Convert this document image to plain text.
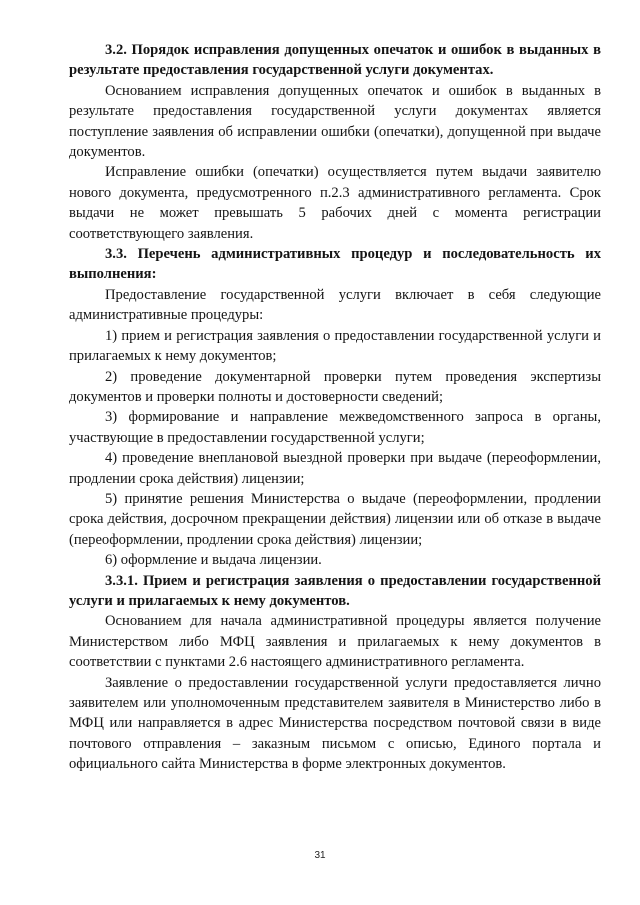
3.2. Порядок исправления допущенных опечаток и ошибок в выданных в результате предоставления государственной услуги документах.

Основанием исправления допущенных опечаток и ошибок в выданных в результате предоставления государственной услуги документах является поступление заявления об исправлении ошибки (опечатки), допущенной при выдаче документов.

Исправление ошибки (опечатки) осуществляется путем выдачи заявителю нового документа, предусмотренного п.2.3 административного регламента. Срок выдачи не может превышать 5 рабочих дней с момента регистрации соответствующего заявления.

3.3. Перечень административных процедур и последовательность их выполнения:

Предоставление государственной услуги включает в себя следующие административные процедуры:

1) прием и регистрация заявления о предоставлении государственной услуги и прилагаемых к нему документов;

2) проведение документарной проверки путем проведения экспертизы документов и проверки полноты и достоверности сведений;

3) формирование и направление межведомственного запроса в органы, участвующие в предоставлении государственной услуги;

4) проведение внеплановой выездной проверки при выдаче (переоформлении, продлении срока действия) лицензии;

5) принятие решения Министерства о выдаче (переоформлении, продлении срока действия, досрочном прекращении действия) лицензии или об отказе в выдаче (переоформлении, продлении срока действия) лицензии;

6) оформление и выдача лицензии.

3.3.1. Прием и регистрация заявления о предоставлении государственной услуги и прилагаемых к нему документов.

Основанием для начала административной процедуры является получение Министерством либо МФЦ заявления и прилагаемых к нему документов в соответствии с пунктами 2.6 настоящего административного регламента.

Заявление о предоставлении государственной услуги предоставляется лично заявителем или уполномоченным представителем заявителя в Министерство либо в МФЦ или направляется в адрес Министерства посредством почтовой связи в виде почтового отправления – заказным письмом с описью, Единого портала и официального сайта Министерства в форме электронных документов.

31
